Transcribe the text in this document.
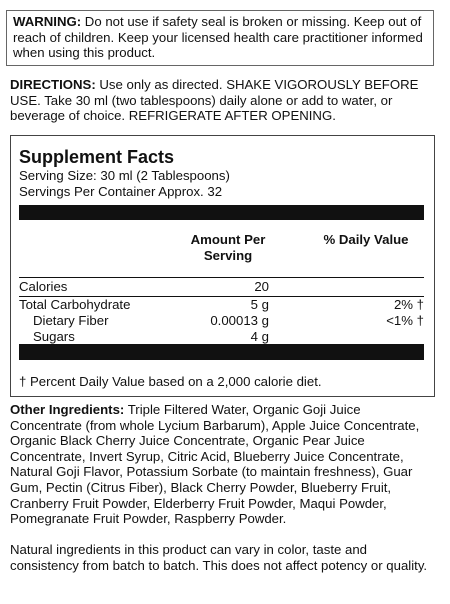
WARNING: Do not use if safety seal is broken or missing. Keep out of reach of children. Keep your licensed health care practitioner informed when using this product.
DIRECTIONS: Use only as directed. SHAKE VIGOROUSLY BEFORE USE. Take 30 ml (two tablespoons) daily alone or add to water, or beverage of choice. REFRIGERATE AFTER OPENING.
Supplement Facts
Serving Size: 30 ml (2 Tablespoons)
Servings Per Container Approx. 32
Amount Per Serving
% Daily Value
Calories	20
Total Carbohydrate	5 g	2% †
Dietary Fiber	0.00013 g	<1% †
Sugars	4 g
† Percent Daily Value based on a 2,000 calorie diet.
Other Ingredients: Triple Filtered Water, Organic Goji Juice Concentrate (from whole Lycium Barbarum), Apple Juice Concentrate, Organic Black Cherry Juice Concentrate, Organic Pear Juice Concentrate, Invert Syrup, Citric Acid, Blueberry Juice Concentrate, Natural Goji Flavor, Potassium Sorbate (to maintain freshness), Guar Gum, Pectin (Citrus Fiber), Black Cherry Powder, Blueberry Fruit, Cranberry Fruit Powder, Elderberry Fruit Powder, Maqui Powder, Pomegranate Fruit Powder, Raspberry Powder.
Natural ingredients in this product can vary in color, taste and consistency from batch to batch. This does not affect potency or quality.
